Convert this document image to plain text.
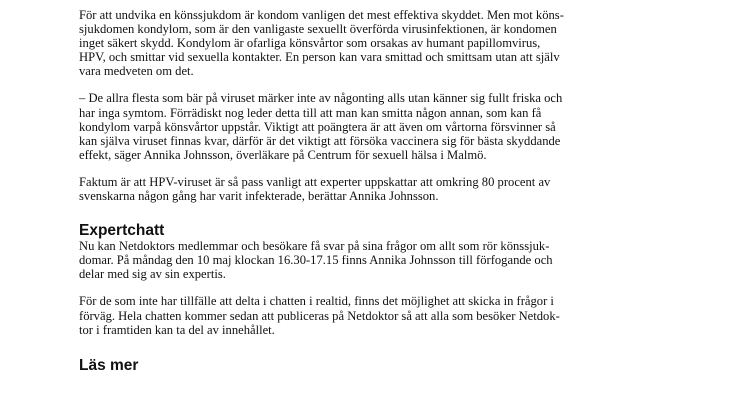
För att undvika en könssjukdom är kondom vanligen det mest effektiva skyddet. Men mot köns-
sjukdomen kondylom, som är den vanligaste sexuellt överförda virusinfektionen, är kondomen
inget säkert skydd. Kondylom är ofarliga könsvårtor som orsakas av humant papillomvirus,
HPV, och smittar vid sexuella kontakter. En person kan vara smittad och smittsam utan att själv
vara medveten om det.

– De allra flesta som bär på viruset märker inte av någonting alls utan känner sig fullt friska och
har inga symtom. Förrädiskt nog leder detta till att man kan smitta någon annan, som kan få
kondylom varpå könsvårtor uppstår. Viktigt att poängtera är att även om vårtorna försvinner så
kan själva viruset finnas kvar, därför är det viktigt att försöka vaccinera sig för bästa skyddande
effekt, säger Annika Johnsson, överläkare på Centrum för sexuell hälsa i Malmö.

Faktum är att HPV-viruset är så pass vanligt att experter uppskattar att omkring 80 procent av
svenskarna någon gång har varit infekterade, berättar Annika Johnsson.

Expertchatt

Nu kan Netdoktors medlemmar och besökare få svar på sina frågor om allt som rör könssjuk-
domar. På måndag den 10 maj klockan 16.30-17.15 finns Annika Johnsson till förfogande och
delar med sig av sin expertis.

För de som inte har tillfälle att delta i chatten i realtid, finns det möjlighet att skicka in frågor i
förväg. Hela chatten kommer sedan att publiceras på Netdoktor så att alla som besöker Netdok-
tor i framtiden kan ta del av innehållet.

Läs mer
